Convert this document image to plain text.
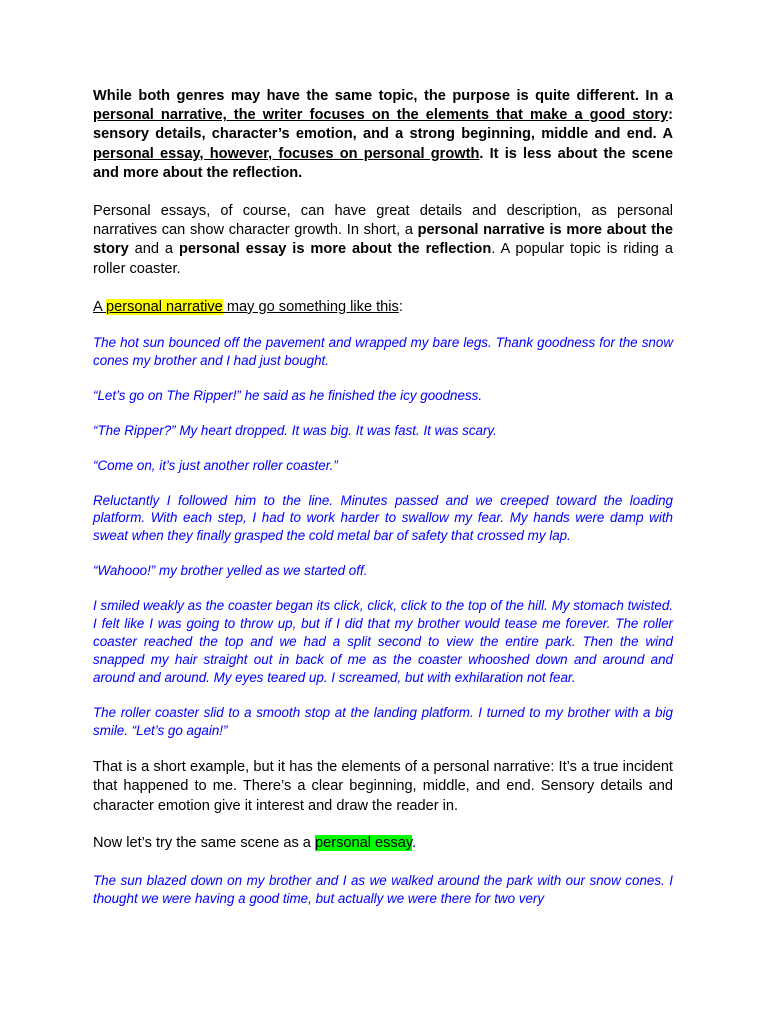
While both genres may have the same topic, the purpose is quite different. In a personal narrative, the writer focuses on the elements that make a good story: sensory details, character’s emotion, and a strong beginning, middle and end. A personal essay, however, focuses on personal growth. It is less about the scene and more about the reflection.

Personal essays, of course, can have great details and description, as personal narratives can show character growth. In short, a personal narrative is more about the story and a personal essay is more about the reflection. A popular topic is riding a roller coaster.

A personal narrative may go something like this:

The hot sun bounced off the pavement and wrapped my bare legs. Thank goodness for the snow cones my brother and I had just bought.

“Let’s go on The Ripper!” he said as he finished the icy goodness.

“The Ripper?” My heart dropped. It was big. It was fast. It was scary.

“Come on, it’s just another roller coaster.”

Reluctantly I followed him to the line. Minutes passed and we creeped toward the loading platform. With each step, I had to work harder to swallow my fear. My hands were damp with sweat when they finally grasped the cold metal bar of safety that crossed my lap.

“Wahooo!” my brother yelled as we started off.

I smiled weakly as the coaster began its click, click, click to the top of the hill. My stomach twisted. I felt like I was going to throw up, but if I did that my brother would tease me forever. The roller coaster reached the top and we had a split second to view the entire park. Then the wind snapped my hair straight out in back of me as the coaster whooshed down and around and around and around. My eyes teared up. I screamed, but with exhilaration not fear.

The roller coaster slid to a smooth stop at the landing platform. I turned to my brother with a big smile. “Let’s go again!”

That is a short example, but it has the elements of a personal narrative: It’s a true incident that happened to me. There’s a clear beginning, middle, and end. Sensory details and character emotion give it interest and draw the reader in.

Now let’s try the same scene as a personal essay.

The sun blazed down on my brother and I as we walked around the park with our snow cones. I thought we were having a good time, but actually we were there for two very
